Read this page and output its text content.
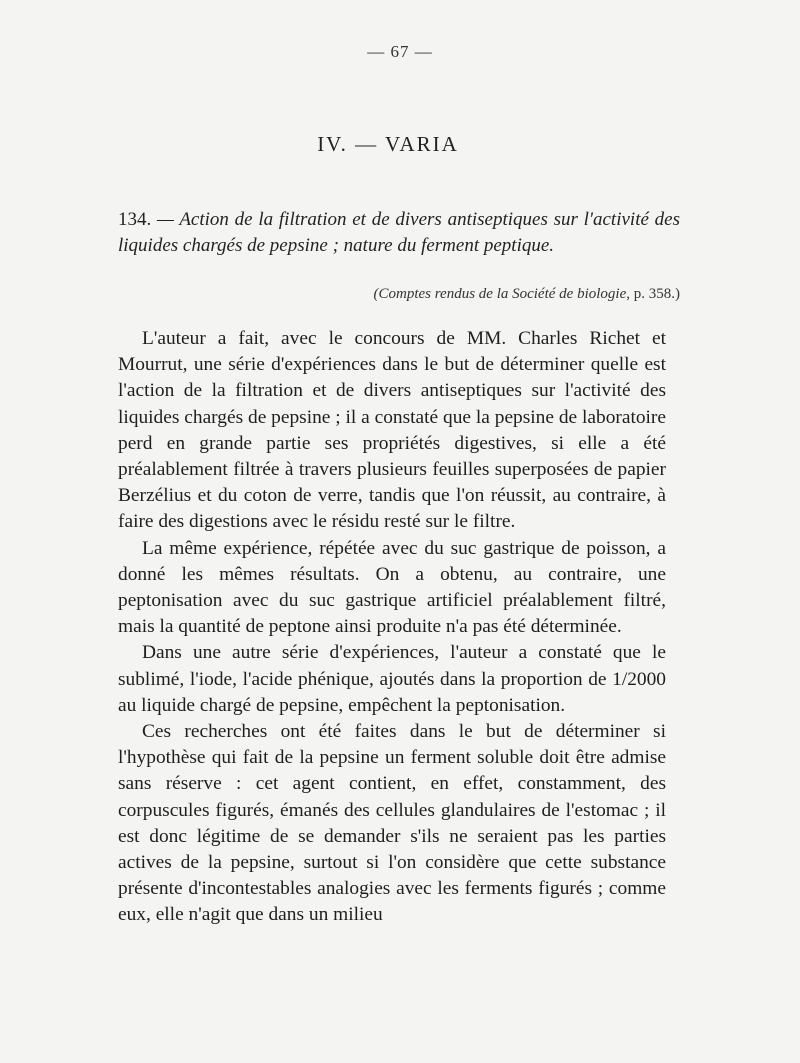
— 67 —
IV. — VARIA
134. — Action de la filtration et de divers antiseptiques sur l'activité des liquides chargés de pepsine ; nature du ferment peptique.
(Comptes rendus de la Société de biologie, p. 358.)

L'auteur a fait, avec le concours de MM. Charles Richet et Mourrut, une série d'expériences dans le but de déterminer quelle est l'action de la filtration et de divers antiseptiques sur l'activité des liquides chargés de pepsine ; il a constaté que la pepsine de laboratoire perd en grande partie ses propriétés digestives, si elle a été préalablement filtrée à travers plusieurs feuilles superposées de papier Berzélius et du coton de verre, tandis que l'on réussit, au contraire, à faire des digestions avec le résidu resté sur le filtre.

La même expérience, répétée avec du suc gastrique de poisson, a donné les mêmes résultats. On a obtenu, au contraire, une peptonisation avec du suc gastrique artificiel préalablement filtré, mais la quantité de peptone ainsi produite n'a pas été déterminée.

Dans une autre série d'expériences, l'auteur a constaté que le sublimé, l'iode, l'acide phénique, ajoutés dans la proportion de 1/2000 au liquide chargé de pepsine, empêchent la peptonisation.

Ces recherches ont été faites dans le but de déterminer si l'hypothèse qui fait de la pepsine un ferment soluble doit être admise sans réserve : cet agent contient, en effet, constamment, des corpuscules figurés, émanés des cellules glandulaires de l'estomac ; il est donc légitime de se demander s'ils ne seraient pas les parties actives de la pepsine, surtout si l'on considère que cette substance présente d'incontestables analogies avec les ferments figurés ; comme eux, elle n'agit que dans un milieu
